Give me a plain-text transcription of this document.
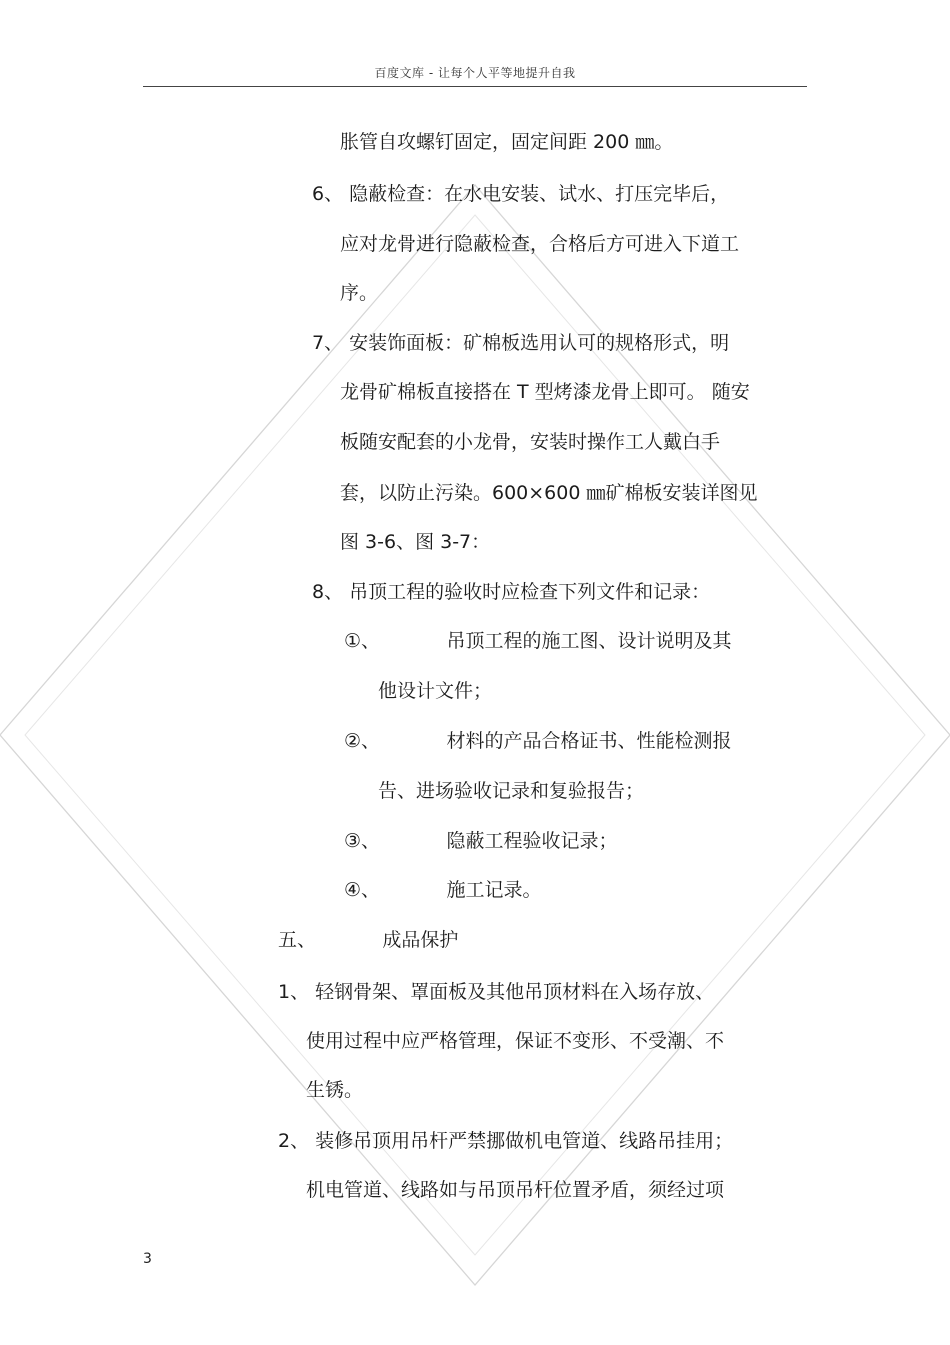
百度文库 - 让每个人平等地提升自我
胀管自攻螺钉固定，固定间距 200 ㎜。
6、 隐蔽检查：在水电安装、试水、打压完毕后，
应对龙骨进行隐蔽检查，合格后方可进入下道工
序。
7、 安装饰面板：矿棉板选用认可的规格形式，明
龙骨矿棉板直接搭在 T 型烤漆龙骨上即可。 随安
板随安配套的小龙骨，安装时操作工人戴白手
套，以防止污染。600×600 ㎜矿棉板安装详图见
图 3-6、图 3-7：
8、 吊顶工程的验收时应检查下列文件和记录：
①、           吊顶工程的施工图、设计说明及其
他设计文件；
②、           材料的产品合格证书、性能检测报
告、进场验收记录和复验报告；
③、           隐蔽工程验收记录；
④、           施工记录。
五、           成品保护
1、 轻钢骨架、罩面板及其他吊顶材料在入场存放、
使用过程中应严格管理，保证不变形、不受潮、不
生锈。
2、 装修吊顶用吊杆严禁挪做机电管道、线路吊挂用；
机电管道、线路如与吊顶吊杆位置矛盾，须经过项
3
